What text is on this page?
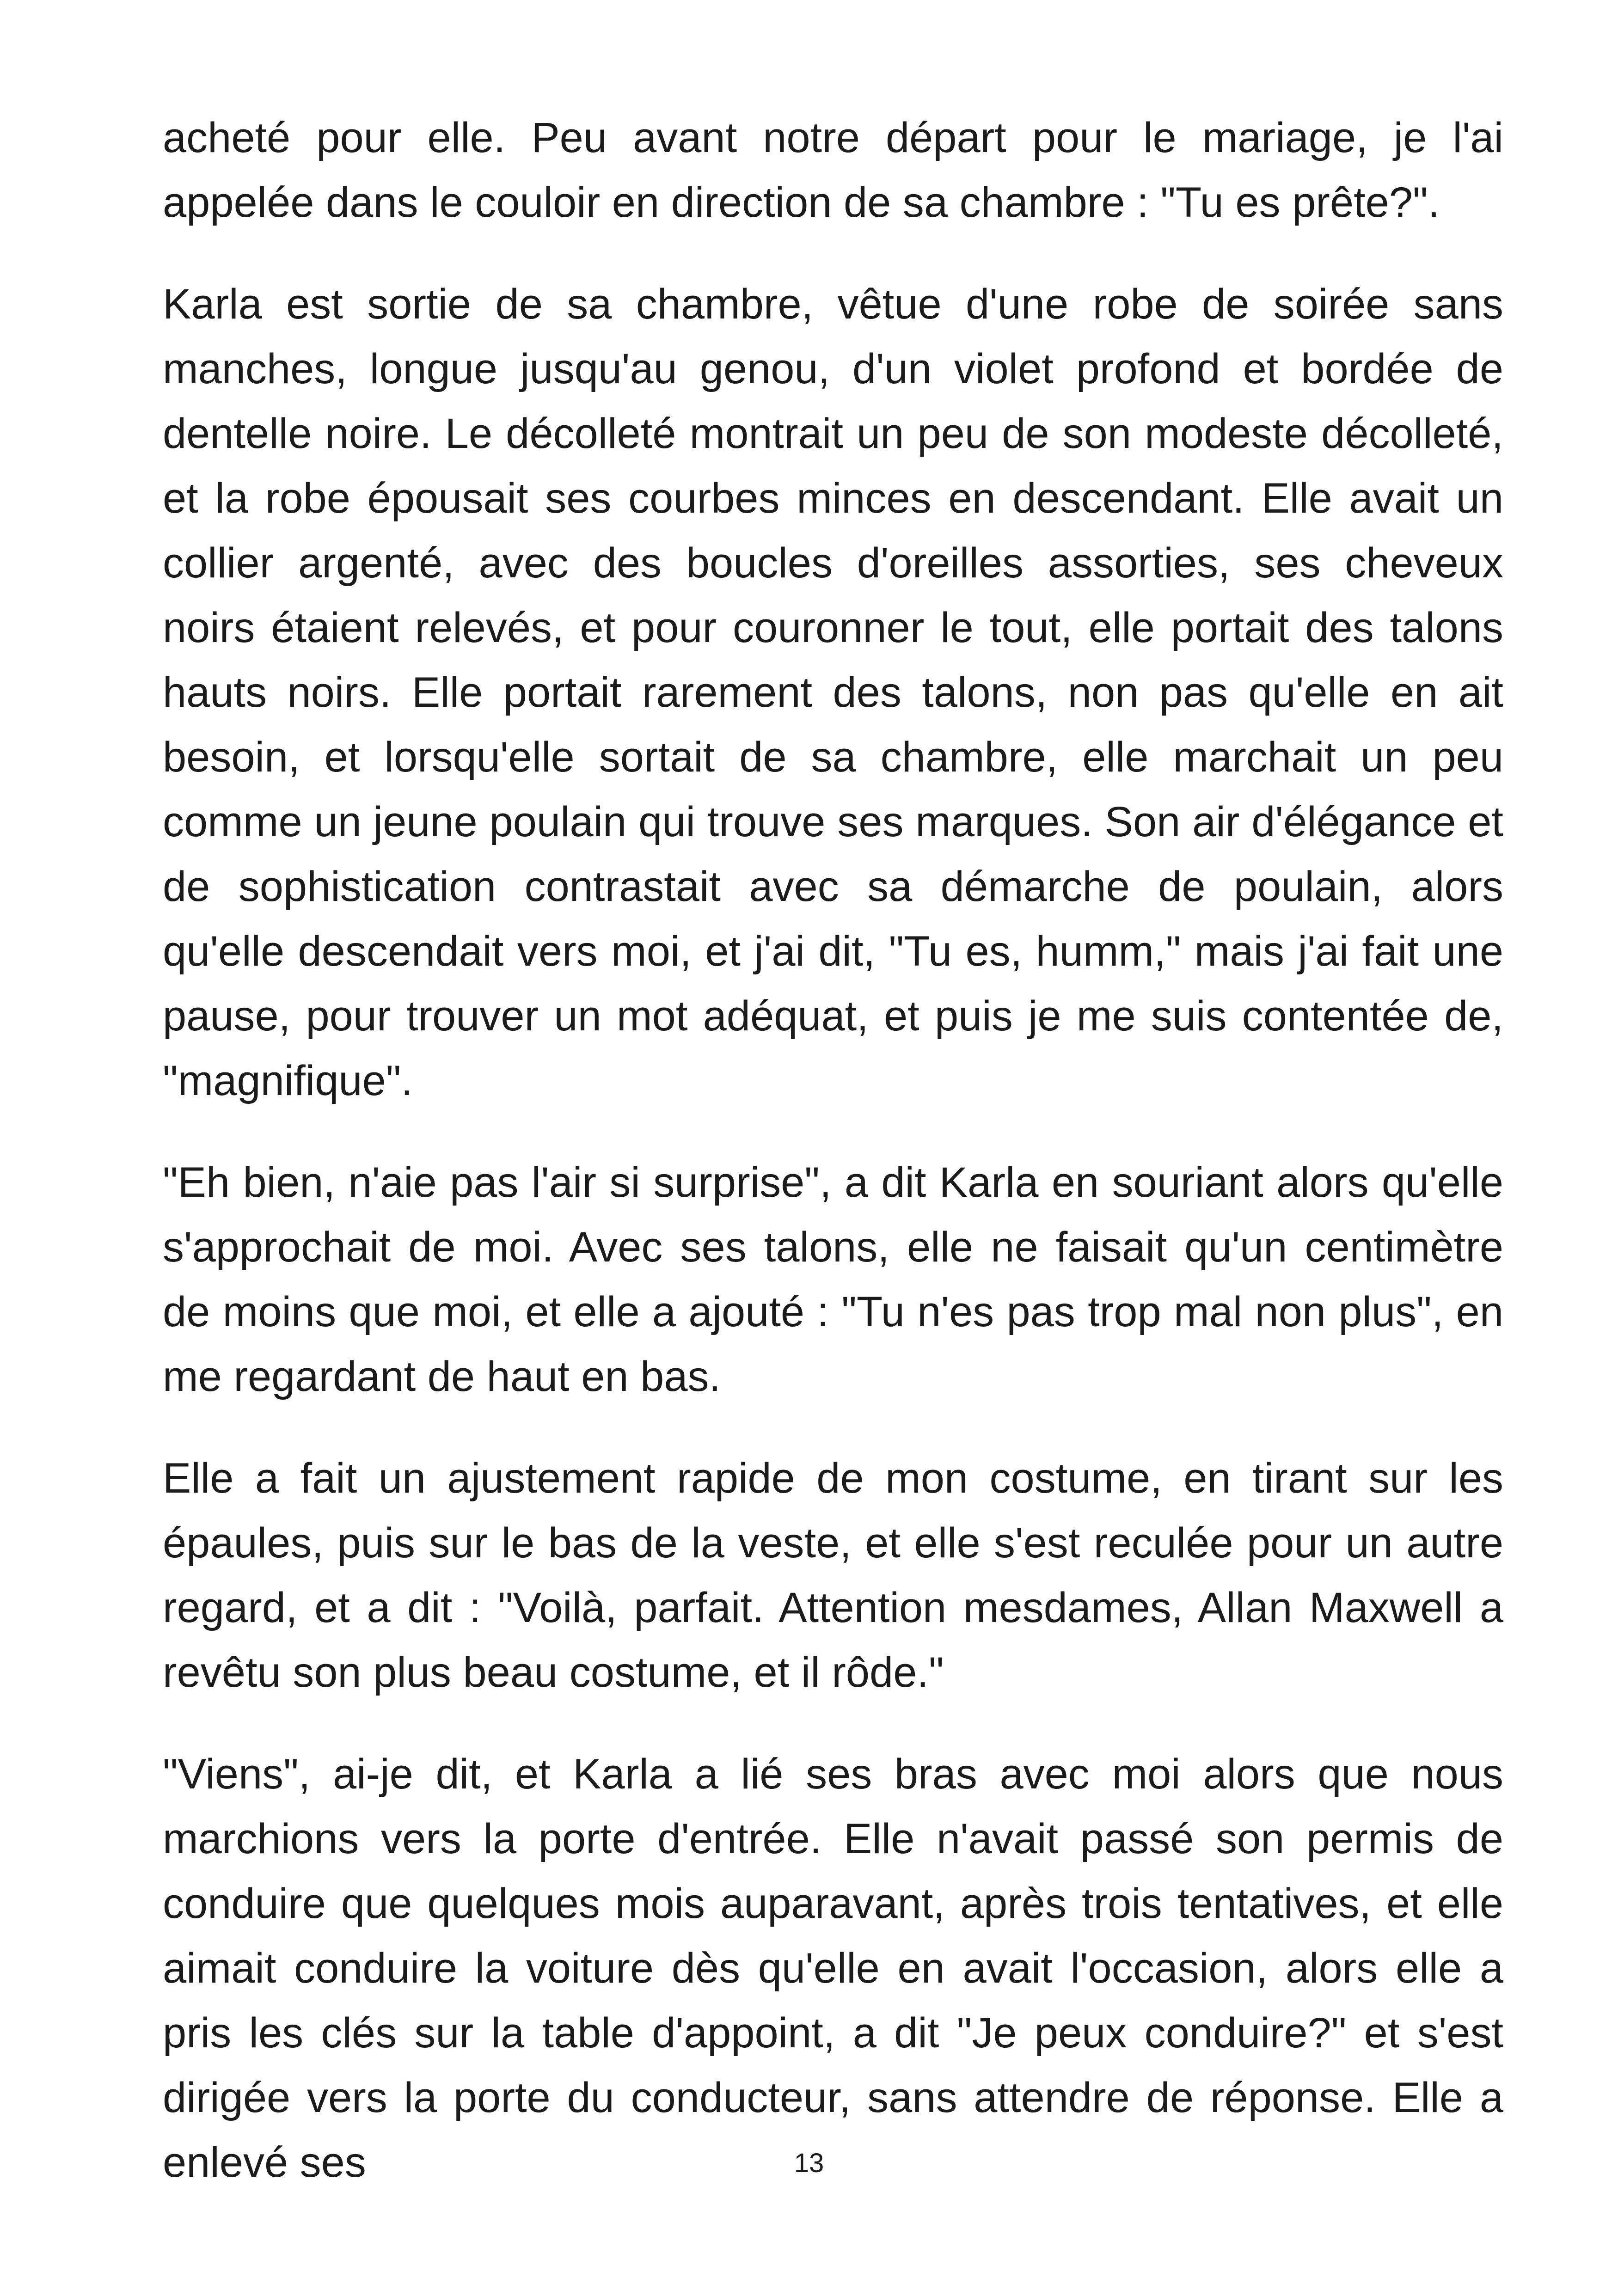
acheté pour elle. Peu avant notre départ pour le mariage, je l'ai appelée dans le couloir en direction de sa chambre : "Tu es prête?".

Karla est sortie de sa chambre, vêtue d'une robe de soirée sans manches, longue jusqu'au genou, d'un violet profond et bordée de dentelle noire. Le décolleté montrait un peu de son modeste décolleté, et la robe épousait ses courbes minces en descendant. Elle avait un collier argenté, avec des boucles d'oreilles assorties, ses cheveux noirs étaient relevés, et pour couronner le tout, elle portait des talons hauts noirs. Elle portait rarement des talons, non pas qu'elle en ait besoin, et lorsqu'elle sortait de sa chambre, elle marchait un peu comme un jeune poulain qui trouve ses marques. Son air d'élégance et de sophistication contrastait avec sa démarche de poulain, alors qu'elle descendait vers moi, et j'ai dit, "Tu es, humm," mais j'ai fait une pause, pour trouver un mot adéquat, et puis je me suis contentée de, "magnifique".

"Eh bien, n'aie pas l'air si surprise", a dit Karla en souriant alors qu'elle s'approchait de moi. Avec ses talons, elle ne faisait qu'un centimètre de moins que moi, et elle a ajouté : "Tu n'es pas trop mal non plus", en me regardant de haut en bas.

Elle a fait un ajustement rapide de mon costume, en tirant sur les épaules, puis sur le bas de la veste, et elle s'est reculée pour un autre regard, et a dit : "Voilà, parfait. Attention mesdames, Allan Maxwell a revêtu son plus beau costume, et il rôde."

"Viens", ai-je dit, et Karla a lié ses bras avec moi alors que nous marchions vers la porte d'entrée. Elle n'avait passé son permis de conduire que quelques mois auparavant, après trois tentatives, et elle aimait conduire la voiture dès qu'elle en avait l'occasion, alors elle a pris les clés sur la table d'appoint, a dit "Je peux conduire?" et s'est dirigée vers la porte du conducteur, sans attendre de réponse. Elle a enlevé ses	13
